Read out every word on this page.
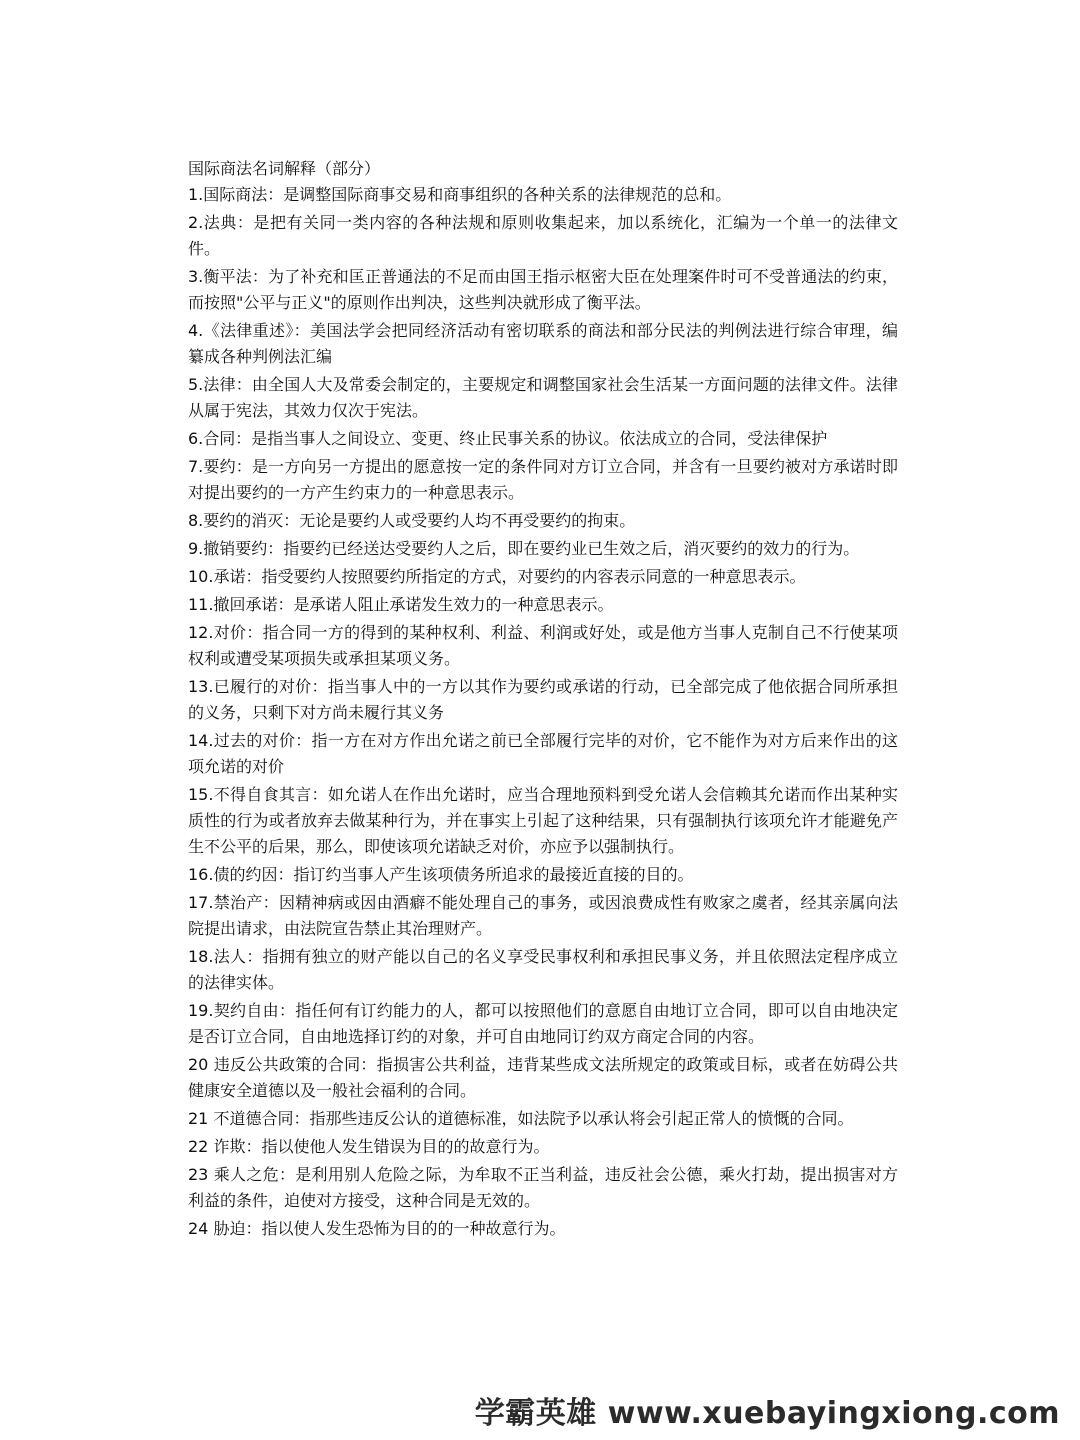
国际商法名词解释（部分）

1.国际商法：是调整国际商事交易和商事组织的各种关系的法律规范的总和。

2.法典：是把有关同一类内容的各种法规和原则收集起来，加以系统化，汇编为一个单一的法律文件。

3.衡平法：为了补充和匡正普通法的不足而由国王指示枢密大臣在处理案件时可不受普通法的约束，而按照"公平与正义"的原则作出判决，这些判决就形成了衡平法。

4.《法律重述》：美国法学会把同经济活动有密切联系的商法和部分民法的判例法进行综合审理，编纂成各种判例法汇编

5.法律：由全国人大及常委会制定的，主要规定和调整国家社会生活某一方面问题的法律文件。法律从属于宪法，其效力仅次于宪法。

6.合同：是指当事人之间设立、变更、终止民事关系的协议。依法成立的合同，受法律保护

7.要约：是一方向另一方提出的愿意按一定的条件同对方订立合同，并含有一旦要约被对方承诺时即对提出要约的一方产生约束力的一种意思表示。

8.要约的消灭：无论是要约人或受要约人均不再受要约的拘束。

9.撤销要约：指要约已经送达受要约人之后，即在要约业已生效之后，消灭要约的效力的行为。

10.承诺：指受要约人按照要约所指定的方式，对要约的内容表示同意的一种意思表示。

11.撤回承诺：是承诺人阻止承诺发生效力的一种意思表示。

12.对价：指合同一方的得到的某种权利、利益、利润或好处，或是他方当事人克制自己不行使某项权利或遭受某项损失或承担某项义务。

13.已履行的对价：指当事人中的一方以其作为要约或承诺的行动，已全部完成了他依据合同所承担的义务，只剩下对方尚未履行其义务

14.过去的对价：指一方在对方作出允诺之前已全部履行完毕的对价，它不能作为对方后来作出的这项允诺的对价

15.不得自食其言：如允诺人在作出允诺时，应当合理地预料到受允诺人会信赖其允诺而作出某种实质性的行为或者放弃去做某种行为，并在事实上引起了这种结果，只有强制执行该项允许才能避免产生不公平的后果，那么，即使该项允诺缺乏对价，亦应予以强制执行。

16.债的约因：指订约当事人产生该项债务所追求的最接近直接的目的。

17.禁治产：因精神病或因由酒癖不能处理自己的事务，或因浪费成性有败家之虞者，经其亲属向法院提出请求，由法院宣告禁止其治理财产。

18.法人：指拥有独立的财产能以自己的名义享受民事权利和承担民事义务，并且依照法定程序成立的法律实体。

19.契约自由：指任何有订约能力的人，都可以按照他们的意愿自由地订立合同，即可以自由地决定是否订立合同，自由地选择订约的对象，并可自由地同订约双方商定合同的内容。

20 违反公共政策的合同：指损害公共利益，违背某些成文法所规定的政策或目标，或者在妨碍公共健康安全道德以及一般社会福利的合同。

21 不道德合同：指那些违反公认的道德标准，如法院予以承认将会引起正常人的愤慨的合同。

22 诈欺：指以使他人发生错误为目的的故意行为。

23 乘人之危：是利用别人危险之际，为牟取不正当利益，违反社会公德，乘火打劫，提出损害对方利益的条件，迫使对方接受，这种合同是无效的。

24 胁迫：指以使人发生恐怖为目的的一种故意行为。

学霸英雄 www.xuebayingxiong.com
